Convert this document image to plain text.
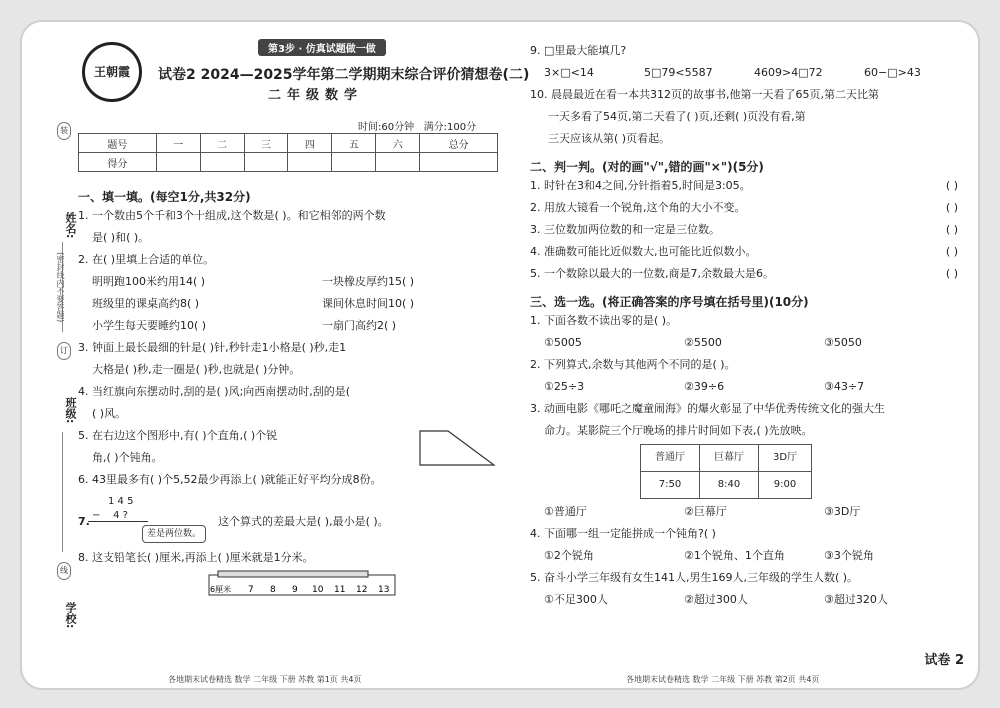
姓名:
装
(密封线内不要答题)
订
班级:
线
学校:
王朝霞
第3步 · 仿真试题做一做
试卷2 2024—2025学年第二学期期末综合评价猜想卷(二)
二年级数学
时间:60分钟 满分:100分
题号	一	二	三	四	五	六	总分
得分							

一、填一填。(每空1分,共32分)

1. 一个数由5个千和3个十组成,这个数是( )。和它相邻的两个数
是( )和( )。
2. 在( )里填上合适的单位。
明明跑100米约用14( )	一块橡皮厚约15( )
班级里的课桌高约8( )	课间休息时间10( )
小学生每天要睡约10( )	一扇门高约2( )
3. 钟面上最长最细的针是( )针,秒针走1小格是( )秒,走1
大格是( )秒,走一圈是( )秒,也就是( )分钟。
4. 当红旗向东摆动时,刮的是( )风;向西南摆动时,刮的是(
( )风。
5. 在右边这个图形中,有( )个直角,( )个锐
角,( )个钝角。
6. 43里最多有( )个5,52最少再添上( )就能正好平均分成8份。
1 4 5
−    4 ?
7.	这个算式的差最大是( ),最小是( )。
差是两位数。
8. 这支铅笔长( )厘米,再添上( )厘米就是1分米。
6厘米 7 8 9 10 11 12 13
各地期末试卷精选 数学 二年级 下册 苏教 第1页 共4页
9. □里最大能填几?
3×□<14	5□79<5587	4609>4□72	60−□>43
10. 晨晨最近在看一本共312页的故事书,他第一天看了65页,第二天比第
一天多看了54页,第二天看了( )页,还剩( )页没有看,第
三天应该从第( )页看起。

二、判一判。(对的画"√",错的画"×")(5分)

1. 时针在3和4之间,分针指着5,时间是3:05。	( )
2. 用放大镜看一个锐角,这个角的大小不变。	( )
3. 三位数加两位数的和一定是三位数。	( )
4. 准确数可能比近似数大,也可能比近似数小。	( )
5. 一个数除以最大的一位数,商是7,余数最大是6。	( )

三、选一选。(将正确答案的序号填在括号里)(10分)

1. 下面各数不读出零的是( )。
①5005	②5500	③5050
2. 下列算式,余数与其他两个不同的是( )。
①25÷3	②39÷6	③43÷7
3. 动画电影《哪吒之魔童闹海》的爆火彰显了中华优秀传统文化的强大生
命力。某影院三个厅晚场的排片时间如下表,( )先放映。
普通厅	巨幕厅	3D厅
7:50	8:40	9:00
①普通厅	②巨幕厅	③3D厅
4. 下面哪一组一定能拼成一个钝角?( )
①2个锐角	②1个锐角、1个直角	③3个锐角
5. 奋斗小学三年级有女生141人,男生169人,三年级的学生人数( )。
①不足300人	②超过300人	③超过320人
各地期末试卷精选 数学 二年级 下册 苏教 第2页 共4页
试卷 2
